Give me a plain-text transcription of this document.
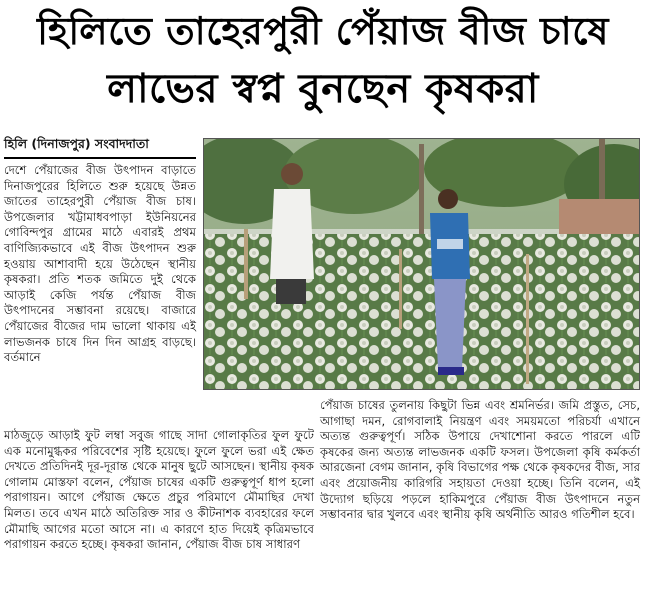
হিলিতে তাহেরপুরী পেঁয়াজ বীজ চাষে
লাভের স্বপ্ন বুনছেন কৃষকরা
হিলি (দিনাজপুর) সংবাদদাতা
দেশে পেঁয়াজের বীজ উৎপাদন বাড়াতে দিনাজপুরের হিলিতে শুরু হয়েছে উন্নত জাতের তাহেরপুরী পেঁয়াজ বীজ চাষ। উপজেলার খট্টামাধবপাড়া ইউনিয়নের গোবিন্দপুর গ্রামের মাঠে এবারই প্রথম বাণিজ্যিকভাবে এই বীজ উৎপাদন শুরু হওয়ায় আশাবাদী হয়ে উঠেছেন স্থানীয় কৃষকরা। প্রতি শতক জমিতে দুই থেকে আড়াই কেজি পর্যন্ত পেঁয়াজ বীজ উৎপাদনের সম্ভাবনা রয়েছে। বাজারে পেঁয়াজের বীজের দাম ভালো থাকায় এই লাভজনক চাষে দিন দিন আগ্রহ বাড়ছে। বর্তমানে
মাঠজুড়ে আড়াই ফুট লম্বা সবুজ গাছে সাদা গোলাকৃতির ফুল ফুটে এক মনোমুগ্ধকর পরিবেশের সৃষ্টি হয়েছে। ফুলে ফুলে ভরা এই ক্ষেত দেখতে প্রতিদিনই দূর-দূরান্ত থেকে মানুষ ছুটে আসছেন। স্থানীয় কৃষক গোলাম মোস্তফা বলেন, পেঁয়াজ চাষের একটি গুরুত্বপূর্ণ ধাপ হলো পরাগায়ন। আগে পেঁয়াজ ক্ষেতে প্রচুর পরিমাণে মৌমাছির দেখা মিলত। তবে এখন মাঠে অতিরিক্ত সার ও কীটনাশক ব্যবহারের ফলে মৌমাছি আগের মতো আসে না। এ কারণে হাত দিয়েই কৃত্রিমভাবে পরাগায়ন করতে হচ্ছে। কৃষকরা জানান, পেঁয়াজ বীজ চাষ সাধারণ
পেঁয়াজ চাষের তুলনায় কিছুটা ভিন্ন এবং শ্রমনির্ভর। জমি প্রস্তুত, সেচ, আগাছা দমন, রোগবালাই নিয়ন্ত্রণ এবং সময়মতো পরিচর্যা এখানে অত্যন্ত গুরুত্বপূর্ণ। সঠিক উপায়ে দেখাশোনা করতে পারলে এটি কৃষকের জন্য অত্যন্ত লাভজনক একটি ফসল। উপজেলা কৃষি কর্মকর্তা আরজেনা বেগম জানান, কৃষি বিভাগের পক্ষ থেকে কৃষকদের বীজ, সার এবং প্রয়োজনীয় কারিগরি সহায়তা দেওয়া হচ্ছে। তিনি বলেন, এই উদ্যোগ ছড়িয়ে পড়লে হাকিমপুরে পেঁয়াজ বীজ উৎপাদনে নতুন সম্ভাবনার দ্বার খুলবে এবং স্থানীয় কৃষি অর্থনীতি আরও গতিশীল হবে।
